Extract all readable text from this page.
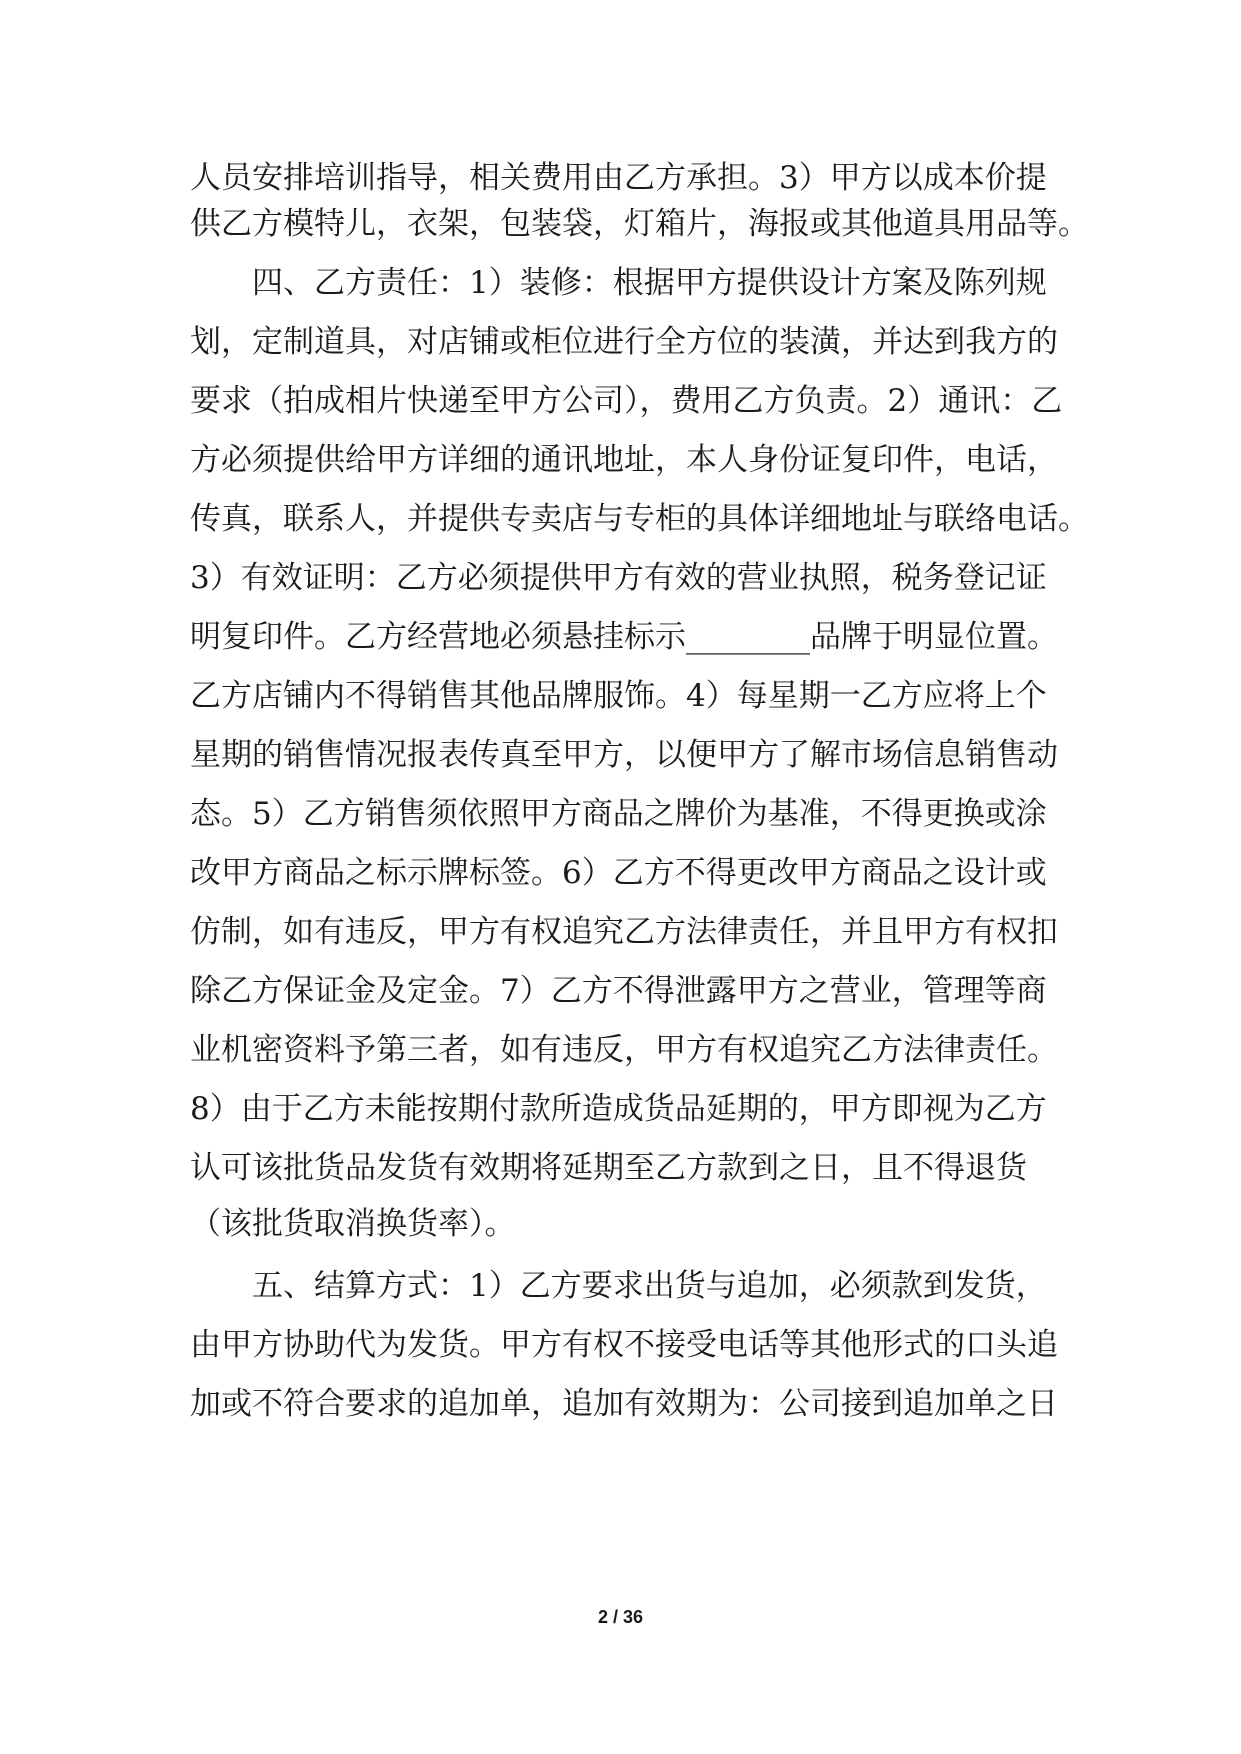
人员安排培训指导，相关费用由乙方承担。3）甲方以成本价提
供乙方模特儿，衣架，包装袋，灯箱片，海报或其他道具用品等。
四、乙方责任：1）装修：根据甲方提供设计方案及陈列规
划，定制道具，对店铺或柜位进行全方位的装潢，并达到我方的
要求（拍成相片快递至甲方公司），费用乙方负责。2）通讯：乙
方必须提供给甲方详细的通讯地址，本人身份证复印件，电话，
传真，联系人，并提供专卖店与专柜的具体详细地址与联络电话。
3）有效证明：乙方必须提供甲方有效的营业执照，税务登记证
明复印件。乙方经营地必须悬挂标示________品牌于明显位置。
乙方店铺内不得销售其他品牌服饰。4）每星期一乙方应将上个
星期的销售情况报表传真至甲方，以便甲方了解市场信息销售动
态。5）乙方销售须依照甲方商品之牌价为基准，不得更换或涂
改甲方商品之标示牌标签。6）乙方不得更改甲方商品之设计或
仿制，如有违反，甲方有权追究乙方法律责任，并且甲方有权扣
除乙方保证金及定金。7）乙方不得泄露甲方之营业，管理等商
业机密资料予第三者，如有违反，甲方有权追究乙方法律责任。
8）由于乙方未能按期付款所造成货品延期的，甲方即视为乙方
认可该批货品发货有效期将延期至乙方款到之日，且不得退货
（该批货取消换货率）。
五、结算方式：1）乙方要求出货与追加，必须款到发货，
由甲方协助代为发货。甲方有权不接受电话等其他形式的口头追
加或不符合要求的追加单，追加有效期为：公司接到追加单之日
2 / 36
